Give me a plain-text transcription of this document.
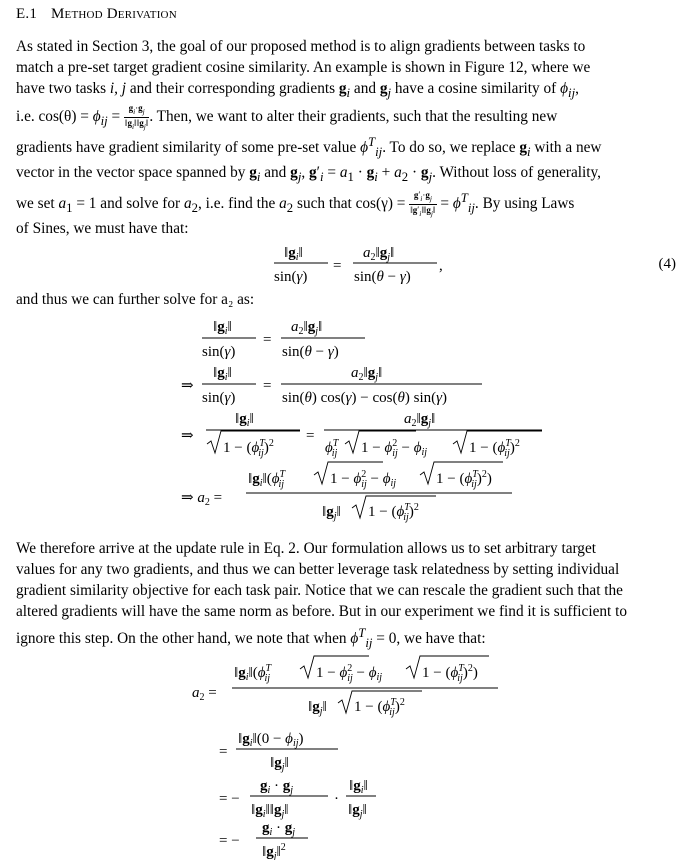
E.1 Method Derivation

As stated in Section 3, the goal of our proposed method is to align gradients between tasks to

match a pre-set target gradient cosine similarity. An example is shown in Figure 12, where we

have two tasks i, j and their corresponding gradients $g_i$ and $g_j$ have a cosine similarity of $\phi_{ij}$,

i.e. $\cos(\theta) = \phi_{ij} = \frac{g_i\cdot g_j}{‖g_i‖‖g_j‖}$ . Then, we want to alter their gradients, such that the resulting new

gradients have gradient similarity of some pre-set value $\phi^T_{ij}$. To do so, we replace $g_i$ with a new

vector in the vector space spanned by $g_i$ and $g_j$, $g'_i = a_1 \cdot g_i + a_2 \cdot g_j$. Without loss of generality,

we set $a_1 = 1$ and solve for $a_2$, i.e. find the $a_2$ such that $\cos(\gamma) = \frac{g'_i\cdot g_j}{‖g'_i‖‖g_j‖} = \phi^T_{ij}$. By using Laws

of Sines, we must have that:

$‖g_i‖$
sin(γ)
=
$a_2‖g_j‖$
sin(θ − γ)
,	(4)

and thus we can further solve for a₂ as:

$‖g_i‖$
sin(γ)
=
$a_2‖g_j‖$
sin(θ − γ)
⇒
$‖g_i‖$
sin(γ)
=
$a_2‖g_j‖$
sin(θ) cos(γ) − cos(θ) sin(γ)
⇒
$‖g_i‖$
$1 - (\phi^T$ ij)$^2$ =
$a_2‖g_j‖$
$\phi^T$ ij $1 - \phi^2$ ij − $\phi_{ij}$	$1 - (\phi^T$ ij)$^2$
⇒ $a_2$ =
$‖g_i‖(\phi^T$ ij	$1 - \phi^2$ ij − $\phi_{ij}$	$1 - (\phi^T$ ij)$^2$)
$‖g_j‖$ $1 - (\phi^T$ ij)$^2$

We therefore arrive at the update rule in Eq. 2. Our formulation allows us to set arbitrary target

values for any two gradients, and thus we can better leverage task relatedness by setting individual

gradient similarity objective for each task pair. Notice that we can rescale the gradient such that the

altered gradients will have the same norm as before. But in our experiment we find it is sufficient to

ignore this step. On the other hand, we note that when $\phi^T_{ij} = 0$, we have that:

$a_2$ =
$‖g_i‖(\phi^T$ ij	$1 - \phi^2$ ij − $\phi_{ij}$	$1 - (\phi^T$ ij)$^2$)
$‖g_j‖$ $1 - (\phi^T$ ij)$^2$
=
$‖g_i‖(0 - \phi_{ij})$
$‖g_j‖$
= −
$g_i \cdot g_j$
$‖g_i‖‖g_j‖$
·
$‖g_i‖$
$‖g_j‖$
= −
$g_i \cdot g_j$
$‖g_j‖^2$
